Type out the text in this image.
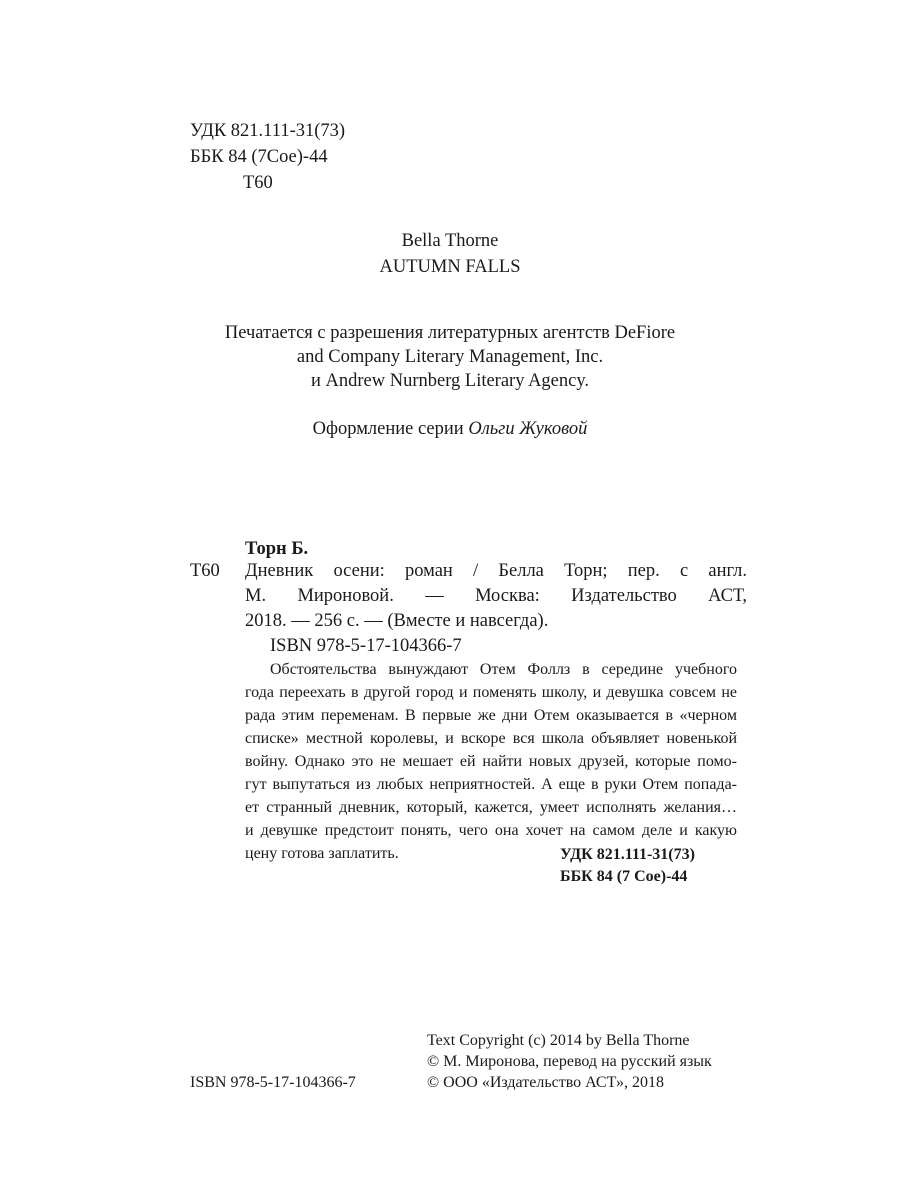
УДК 821.111-31(73)
ББК 84 (7Сое)-44
Т60
Bella Thorne
AUTUMN FALLS
Печатается с разрешения литературных агентств DeFiore
and Company Literary Management, Inc.
и Andrew Nurnberg Literary Agency.
Оформление серии Ольги Жуковой
Торн Б.
Т60 Дневник осени: роман / Белла Торн; пер. с англ.
М. Мироновой. — Москва: Издательство АСТ,
2018. — 256 с. — (Вместе и навсегда).
ISBN 978-5-17-104366-7
Обстоятельства вынуждают Отем Фоллз в середине учебного
года переехать в другой город и поменять школу, и девушка совсем не
рада этим переменам. В первые же дни Отем оказывается в «черном
списке» местной королевы, и вскоре вся школа объявляет новенькой
войну. Однако это не мешает ей найти новых друзей, которые помо-
гут выпутаться из любых неприятностей. А еще в руки Отем попада-
ет странный дневник, который, кажется, умеет исполнять желания…
и девушке предстоит понять, чего она хочет на самом деле и какую
цену готова заплатить.	УДК 821.111-31(73)
ББК 84 (7 Сое)-44
ISBN 978-5-17-104366-7
Text Copyright (c) 2014 by Bella Thorne
© М. Миронова, перевод на русский язык
© ООО «Издательство АСТ», 2018
